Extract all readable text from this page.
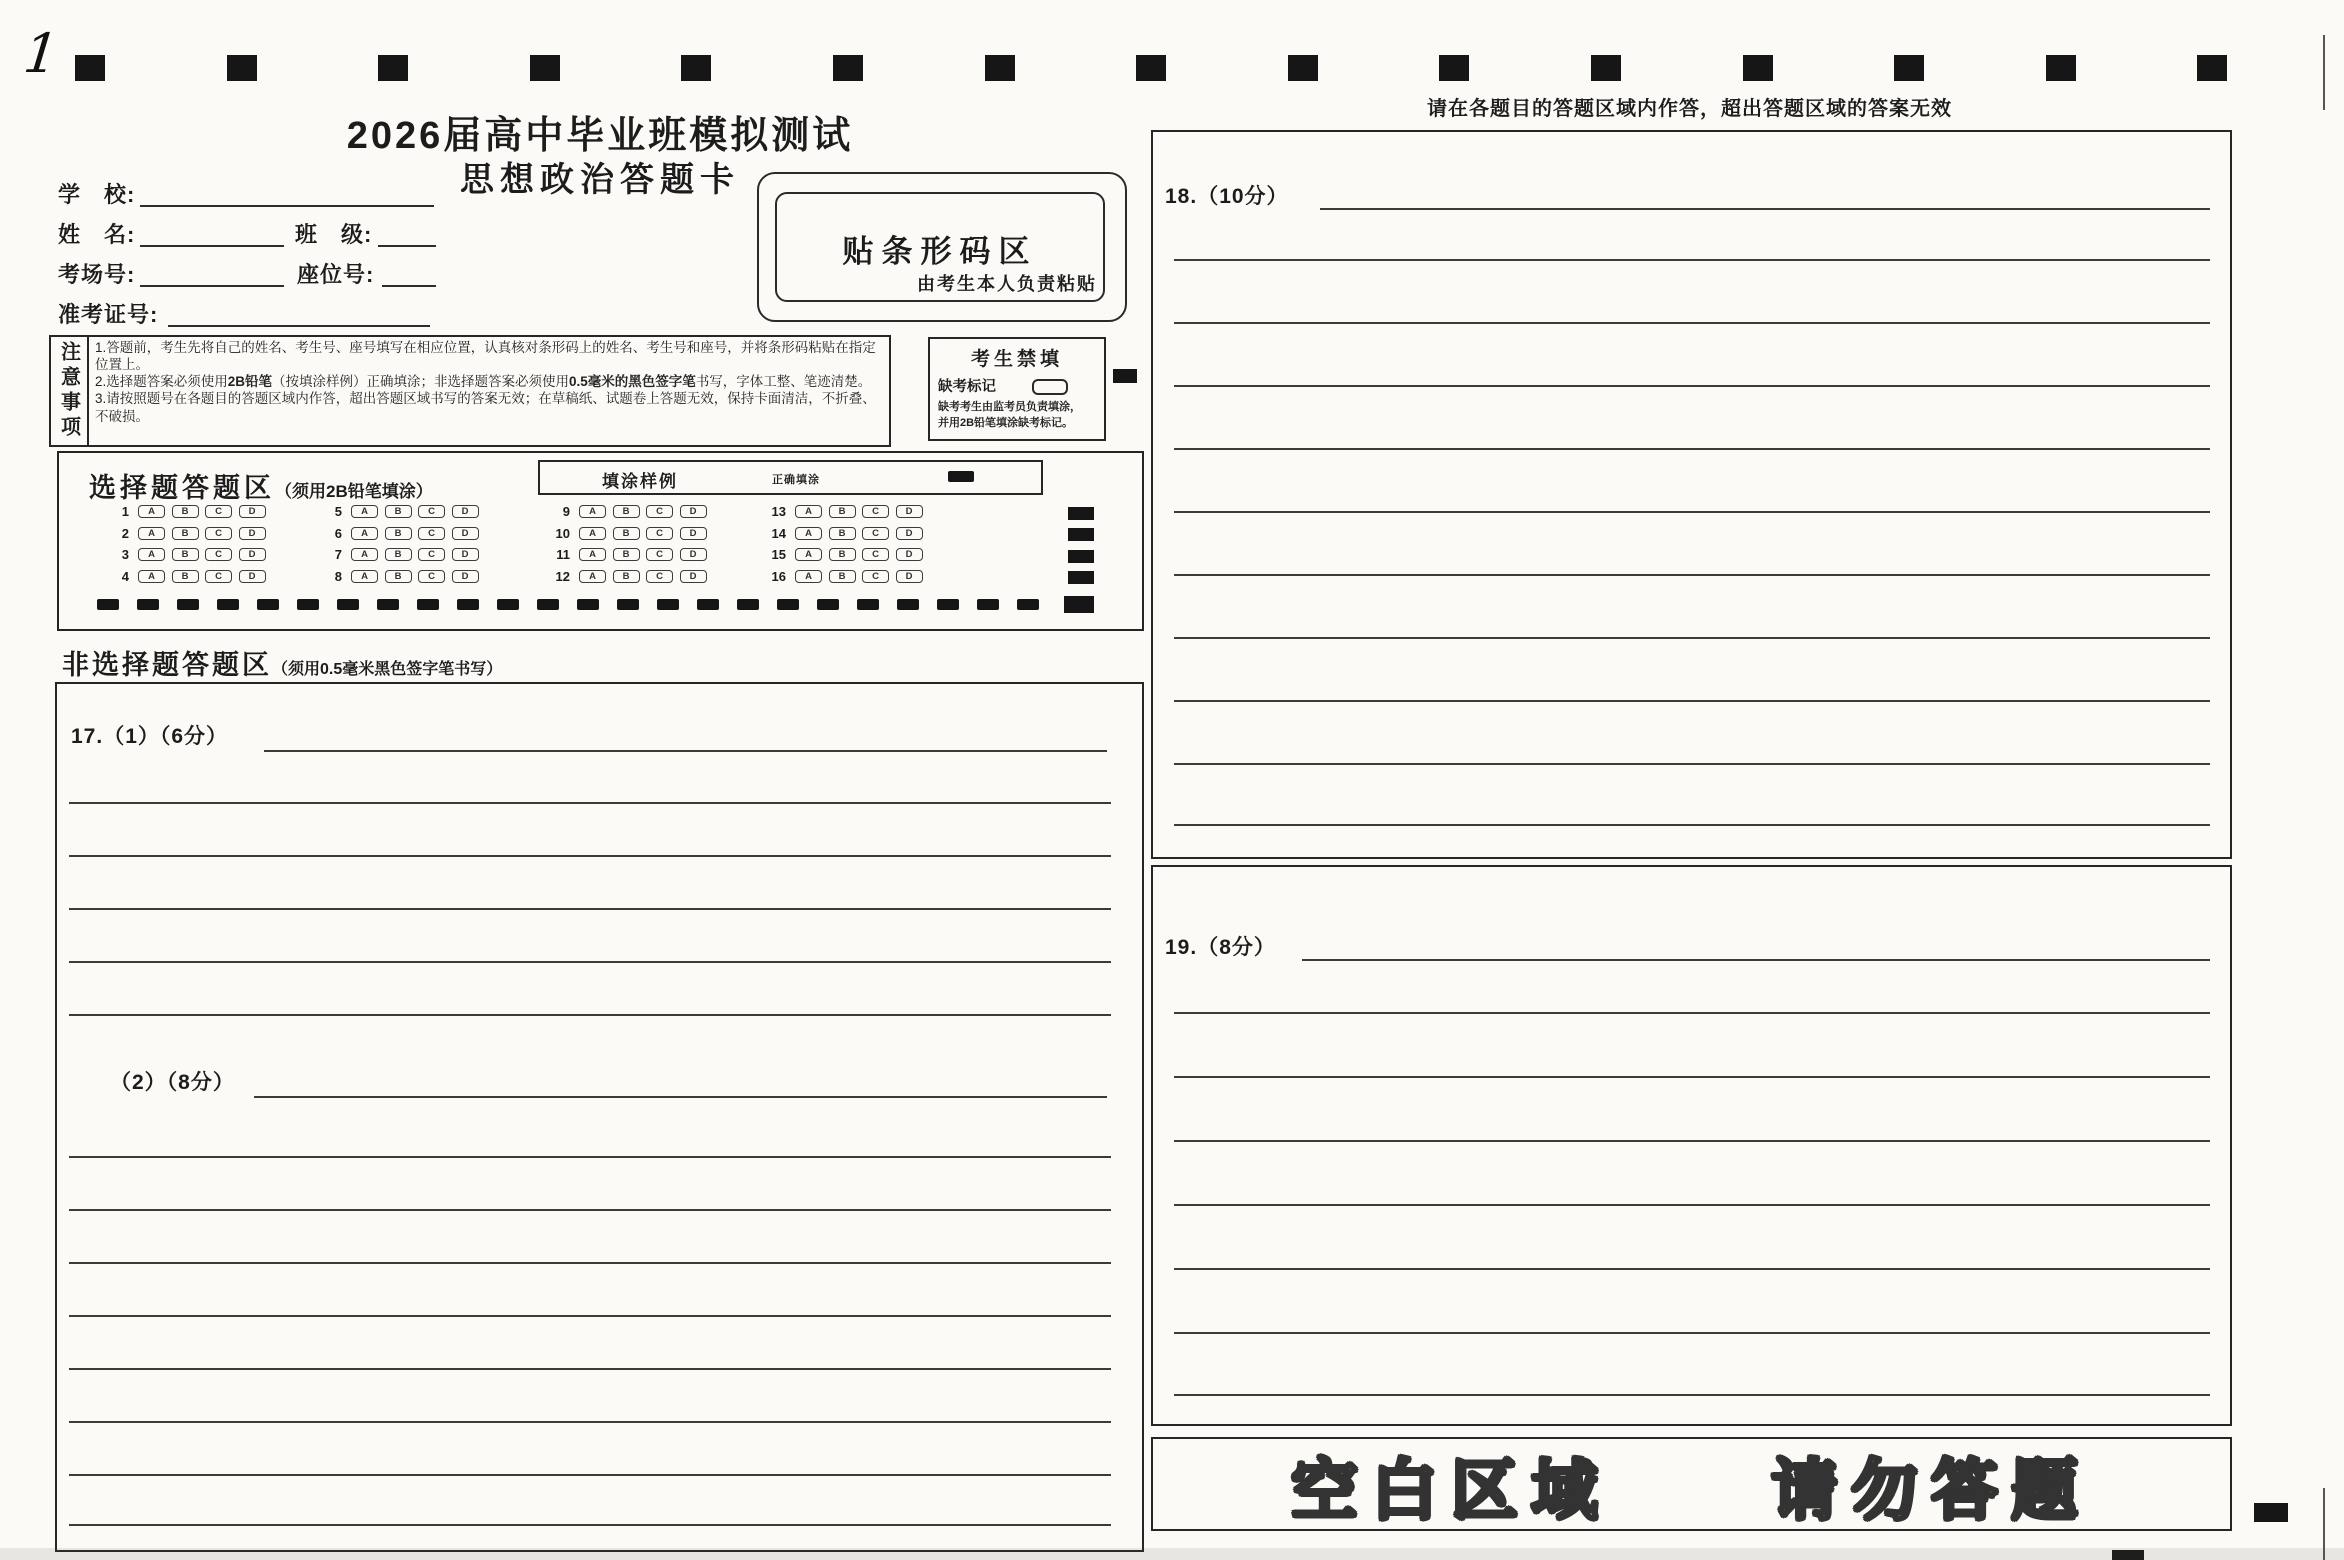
1
2026届高中毕业班模拟测试
思想政治答题卡
学　校:
姓　名:	班　级:
考场号:	座位号:
准考证号:
贴条形码区
由考生本人负责粘贴
注意事项 1.答题前，考生先将自己的姓名、考生号、座号填写在相应位置，认真核对条形码上的姓名、考生号和座号，并将条形码粘贴在指定位置上。
2.选择题答案必须使用2B铅笔（按填涂样例）正确填涂；非选择题答案必须使用0.5毫米的黑色签字笔书写，字体工整、笔迹清楚。
3.请按照题号在各题目的答题区域内作答，超出答题区域书写的答案无效；在草稿纸、试题卷上答题无效，保持卡面清洁，不折叠、不破损。
考生禁填
缺考标记
缺考考生由监考员负责填涂，
并用2B铅笔填涂缺考标记。
选择题答题区（须用2B铅笔填涂）
填涂样例	正确填涂
1	A	B	C	D
2	A	B	C	D
3	A	B	C	D
4	A	B	C	D
5	A	B	C	D
6	A	B	C	D
7	A	B	C	D
8	A	B	C	D
9	A	B	C	D
10	A	B	C	D
11	A	B	C	D
12	A	B	C	D
13	A	B	C	D
14	A	B	C	D
15	A	B	C	D
16	A	B	C	D
非选择题答题区（须用0.5毫米黑色签字笔书写）
17.（1）（6分）
（2）（8分）
请在各题目的答题区域内作答，超出答题区域的答案无效
18.（10分）
19.（8分）
空白区域　　请勿答题
